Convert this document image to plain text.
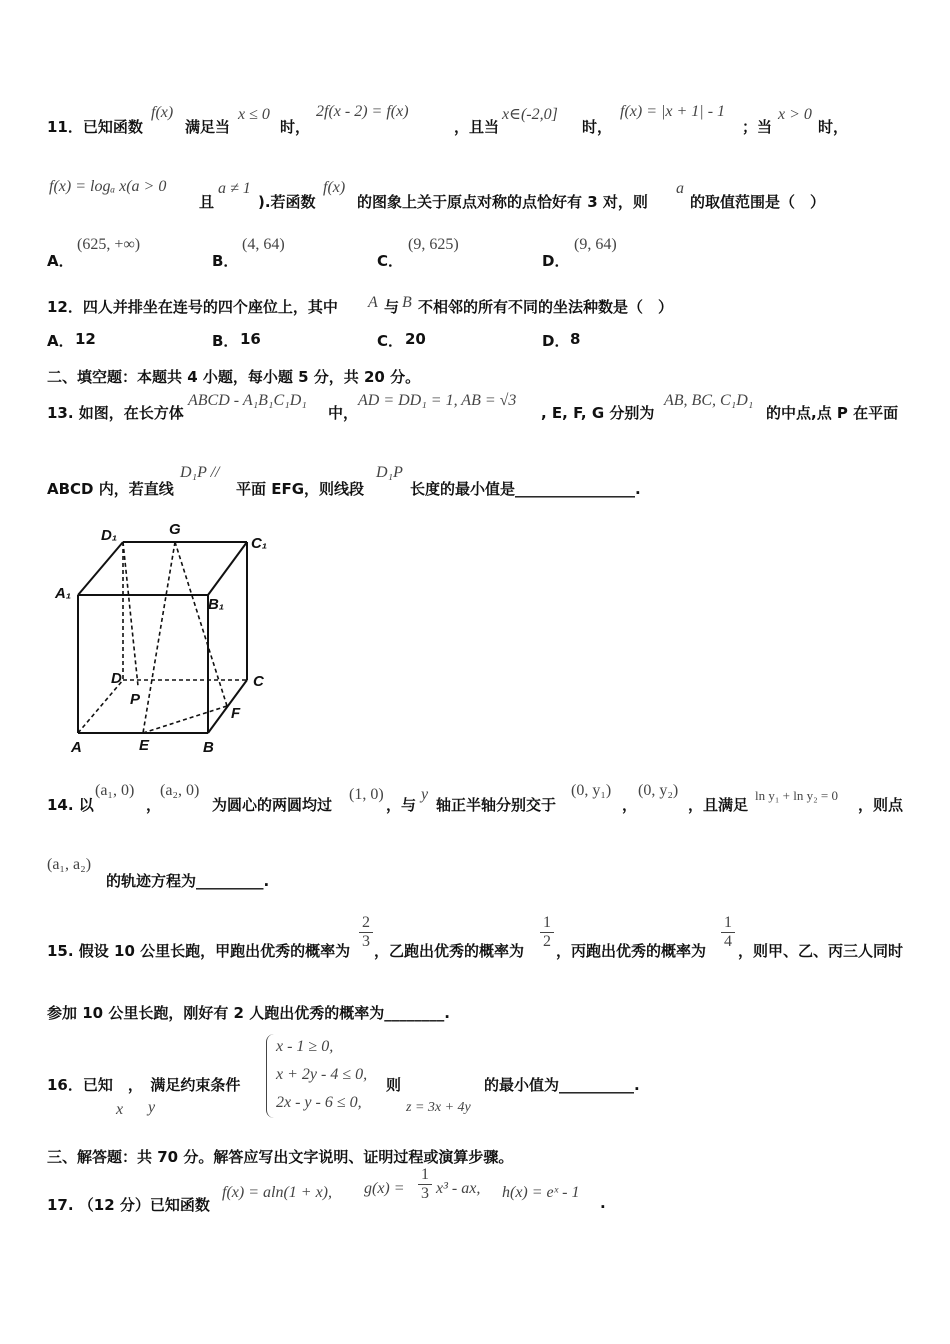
11．已知函数
f(x)
满足当
x ≤ 0
时，
2f(x - 2) = f(x)
，且当
x∈(-2,0]
时，
f(x) = |x + 1| - 1
；当
x > 0
时，
f(x) = logₐ x(a > 0
且
a ≠ 1
).若函数
f(x)
的图象上关于原点对称的点恰好有 3 对，则
a
的取值范围是（　）
A．
(625, +∞)
B．
(4, 64)
C．
(9, 625)
D．
(9, 64)
12．四人并排坐在连号的四个座位上，其中 A 与 B 不相邻的所有不同的坐法种数是（　）
A． 12	B． 16	C． 20	D． 8
二、填空题：本题共 4 小题，每小题 5 分，共 20 分。
13. 如图，在长方体
ABCD - A₁B₁C₁D₁
中，
AD = DD₁ = 1, AB = √3
, E, F, G 分别为
AB, BC, C₁D₁
的中点,点 P 在平面
ABCD 内，若直线
D₁P //
平面 EFG，则线段
D₁P
长度的最小值是________________.
D₁	G
C₁
A₁
B₁
D	C
P
F
A	E	B
14. 以
(a₁, 0)
，
(a₂, 0)
为圆心的两圆均过
(1, 0)
，与
y
轴正半轴分别交于
(0, y₁)
，
(0, y₂)
，且满足
ln y₁ + ln y₂ = 0
，则点
(a₁, a₂)
的轨迹方程为_________.
15. 假设 10 公里长跑，甲跑出优秀的概率为 $\frac{2}{3}$ ，乙跑出优秀的概率为 $\frac{1}{2}$ ，丙跑出优秀的概率为 $\frac{1}{4}$ ，则甲、乙、丙三人同时
参加 10 公里长跑，刚好有 2 人跑出优秀的概率为________.
16．已知　，　满足约束条件
x y
x - 1 ≥ 0,
x + 2y - 4 ≤ 0,
2x - y - 6 ≤ 0,
则
z = 3x + 4y
的最小值为__________.
三、解答题：共 70 分。解答应写出文字说明、证明过程或演算步骤。
17. （12 分）已知函数
f(x) = aln(1 + x), $g(x) = \frac{1}{3} x^3$ - ax, h(x) = eˣ - 1
.
